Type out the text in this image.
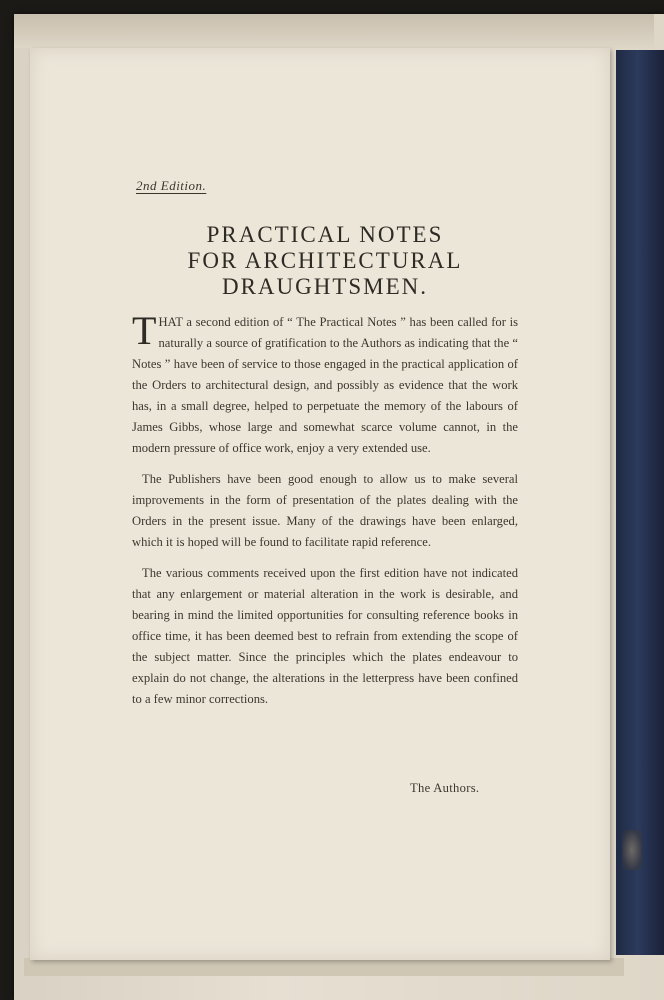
2nd Edition.
PRACTICAL NOTES
FOR ARCHITECTURAL
DRAUGHTSMEN.

THAT a second edition of “ The Practical Notes ” has been called for is naturally a source of gratification to the Authors as indicating that the “ Notes ” have been of service to those engaged in the practical application of the Orders to architectural design, and possibly as evidence that the work has, in a small degree, helped to perpetuate the memory of the labours of James Gibbs, whose large and somewhat scarce volume cannot, in the modern pressure of office work, enjoy a very extended use.

The Publishers have been good enough to allow us to make several improvements in the form of presentation of the plates dealing with the Orders in the present issue. Many of the drawings have been enlarged, which it is hoped will be found to facilitate rapid reference.

The various comments received upon the first edition have not indicated that any enlargement or material alteration in the work is desirable, and bearing in mind the limited opportunities for consulting reference books in office time, it has been deemed best to refrain from extending the scope of the subject matter. Since the principles which the plates endeavour to explain do not change, the alterations in the letterpress have been confined to a few minor corrections.

The Authors.
